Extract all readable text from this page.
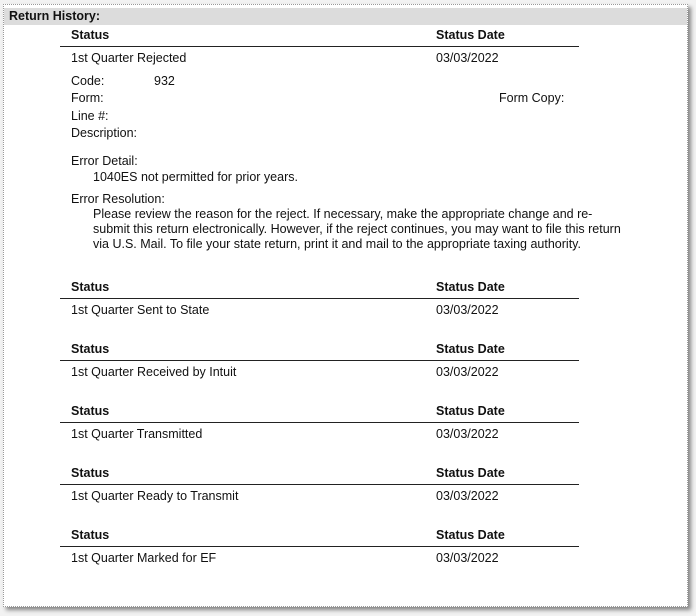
Return History:
Status	Status Date
1st Quarter Rejected	03/03/2022
Code:	932
Form:	Form Copy:
Line #:
Description:
Error Detail:
1040ES not permitted for prior years.
Error Resolution:
Please review the reason for the reject. If necessary, make the appropriate change and re-submit this return electronically. However, if the reject continues, you may want to file this return via U.S. Mail. To file your state return, print it and mail to the appropriate taxing authority.
Status	Status Date
1st Quarter Sent to State	03/03/2022
Status	Status Date
1st Quarter Received by Intuit	03/03/2022
Status	Status Date
1st Quarter Transmitted	03/03/2022
Status	Status Date
1st Quarter Ready to Transmit	03/03/2022
Status	Status Date
1st Quarter Marked for EF	03/03/2022
